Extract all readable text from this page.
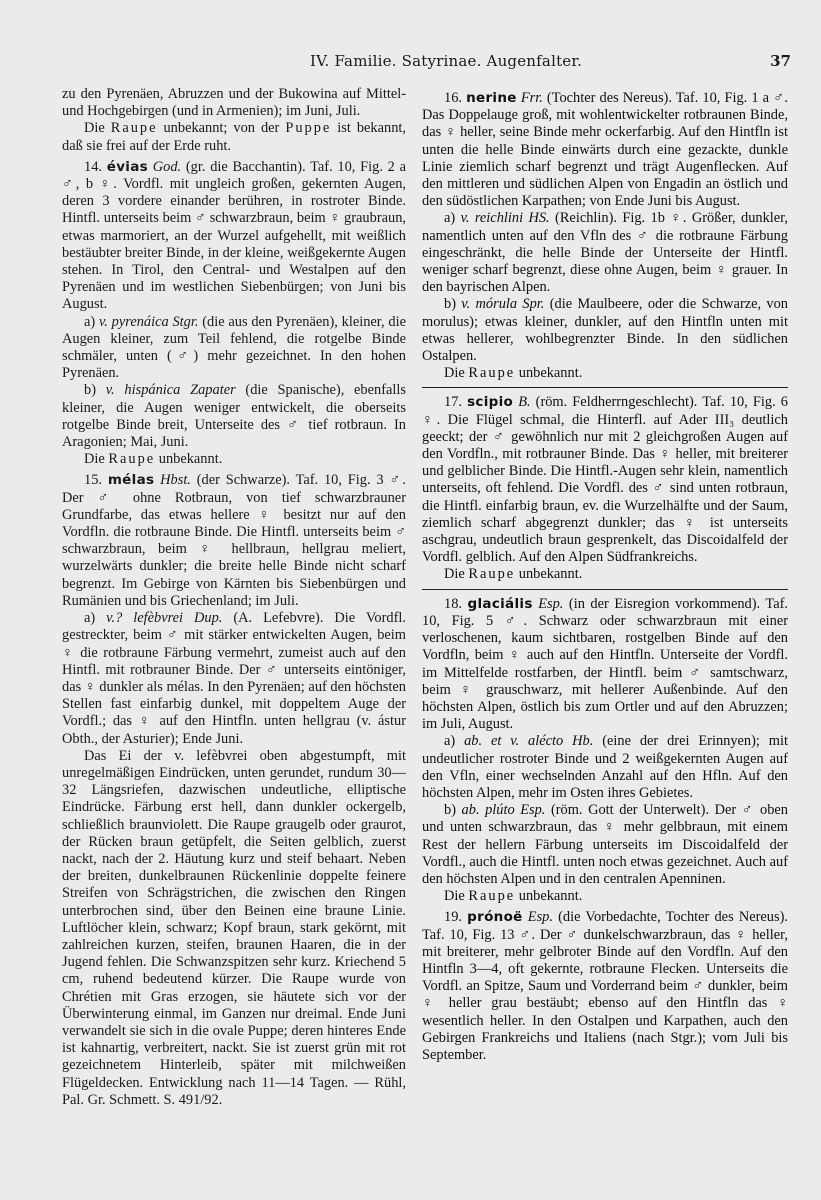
IV. Familie. Satyrinae. Augenfalter.	37

zu den Pyrenäen, Abruzzen und der Bukowina auf Mittel- und Hochgebirgen (und in Armenien); im Juni, Juli.

Die Raupe unbekannt; von der Puppe ist bekannt, daß sie frei auf der Erde ruht.

14. évias God. (gr. die Bacchantin). Taf. 10, Fig. 2 a ♂, b ♀. Vordfl. mit ungleich großen, gekernten Augen, deren 3 vordere einander berühren, in rostroter Binde. Hintfl. unterseits beim ♂ schwarzbraun, beim ♀ graubraun, etwas marmoriert, an der Wurzel aufgehellt, mit weißlich bestäubter breiter Binde, in der kleine, weißgekernte Augen stehen. In Tirol, den Central- und Westalpen auf den Pyrenäen und im westlichen Siebenbürgen; von Juni bis August.

a) v. pyrenáica Stgr. (die aus den Pyrenäen), kleiner, die Augen kleiner, zum Teil fehlend, die rotgelbe Binde schmäler, unten (♂) mehr gezeichnet. In den hohen Pyrenäen.

b) v. hispánica Zapater (die Spanische), ebenfalls kleiner, die Augen weniger entwickelt, die oberseits rotgelbe Binde breit, Unterseite des ♂ tief rotbraun. In Aragonien; Mai, Juni.

Die Raupe unbekannt.

15. mélas Hbst. (der Schwarze). Taf. 10, Fig. 3 ♂. Der ♂ ohne Rotbraun, von tief schwarzbrauner Grundfarbe, das etwas hellere ♀ besitzt nur auf den Vordfln. die rotbraune Binde. Die Hintfl. unterseits beim ♂ schwarzbraun, beim ♀ hellbraun, hellgrau meliert, wurzelwärts dunkler; die breite helle Binde nicht scharf begrenzt. Im Gebirge von Kärnten bis Siebenbürgen und Rumänien und bis Griechenland; im Juli.

a) v.? lefèbvrei Dup. (A. Lefebvre). Die Vordfl. gestreckter, beim ♂ mit stärker entwickelten Augen, beim ♀ die rotbraune Färbung vermehrt, zumeist auch auf den Hintfl. mit rotbrauner Binde. Der ♂ unterseits eintöniger, das ♀ dunkler als mélas. In den Pyrenäen; auf den höchsten Stellen fast einfarbig dunkel, mit doppeltem Auge der Vordfl.; das ♀ auf den Hintfln. unten hellgrau (v. ástur Obth., der Asturier); Ende Juni.

Das Ei der v. lefèbvrei oben abgestumpft, mit unregelmäßigen Eindrücken, unten gerundet, rundum 30—32 Längsriefen, dazwischen undeutliche, elliptische Eindrücke. Färbung erst hell, dann dunkler ockergelb, schließlich braunviolett. Die Raupe graugelb oder graurot, der Rücken braun getüpfelt, die Seiten gelblich, zuerst nackt, nach der 2. Häutung kurz und steif behaart. Neben der breiten, dunkelbraunen Rückenlinie doppelte feinere Streifen von Schrägstrichen, die zwischen den Ringen unterbrochen sind, über den Beinen eine braune Linie. Luftlöcher klein, schwarz; Kopf braun, stark gekörnt, mit zahlreichen kurzen, steifen, braunen Haaren, die in der Jugend fehlen. Die Schwanzspitzen sehr kurz. Kriechend 5 cm, ruhend bedeutend kürzer. Die Raupe wurde von Chrétien mit Gras erzogen, sie häutete sich vor der Überwinterung einmal, im Ganzen nur dreimal. Ende Juni verwandelt sie sich in die ovale Puppe; deren hinteres Ende ist kahnartig, verbreitert, nackt. Sie ist zuerst grün mit rot gezeichnetem Hinterleib, später mit milchweißen Flügeldecken. Entwicklung nach 11—14 Tagen. — Rühl, Pal. Gr. Schmett. S. 491/92.

16. nerine Frr. (Tochter des Nereus). Taf. 10, Fig. 1 a ♂. Das Doppelauge groß, mit wohlentwickelter rotbraunen Binde, das ♀ heller, seine Binde mehr ockerfarbig. Auf den Hintfln ist unten die helle Binde einwärts durch eine gezackte, dunkle Linie ziemlich scharf begrenzt und trägt Augenflecken. Auf den mittleren und südlichen Alpen von Engadin an östlich und den südöstlichen Karpathen; von Ende Juni bis August.

a) v. reichlini HS. (Reichlin). Fig. 1b ♀. Größer, dunkler, namentlich unten auf den Vfln des ♂ die rotbraune Färbung eingeschränkt, die helle Binde der Unterseite der Hintfl. weniger scharf begrenzt, diese ohne Augen, beim ♀ grauer. In den bayrischen Alpen.

b) v. mórula Spr. (die Maulbeere, oder die Schwarze, von morulus); etwas kleiner, dunkler, auf den Hintfln unten mit etwas hellerer, wohlbegrenzter Binde. In den südlichen Ostalpen.

Die Raupe unbekannt.

17. scipio B. (röm. Feldherrngeschlecht). Taf. 10, Fig. 6 ♀. Die Flügel schmal, die Hinterfl. auf Ader III₃ deutlich geeckt; der ♂ gewöhnlich nur mit 2 gleichgroßen Augen auf den Vordfln., mit rotbrauner Binde. Das ♀ heller, mit breiterer und gelblicher Binde. Die Hintfl.-Augen sehr klein, namentlich unterseits, oft fehlend. Die Vordfl. des ♂ sind unten rotbraun, die Hintfl. einfarbig braun, ev. die Wurzelhälfte und der Saum, ziemlich scharf abgegrenzt dunkler; das ♀ ist unterseits aschgrau, undeutlich braun gesprenkelt, das Discoidalfeld der Vordfl. gelblich. Auf den Alpen Südfrankreichs.

Die Raupe unbekannt.

18. glaciális Esp. (in der Eisregion vorkommend). Taf. 10, Fig. 5 ♂. Schwarz oder schwarzbraun mit einer verloschenen, kaum sichtbaren, rostgelben Binde auf den Vordfln, beim ♀ auch auf den Hintfln. Unterseite der Vordfl. im Mittelfelde rostfarben, der Hintfl. beim ♂ samtschwarz, beim ♀ grauschwarz, mit hellerer Außenbinde. Auf den höchsten Alpen, östlich bis zum Ortler und auf den Abruzzen; im Juli, August.

a) ab. et v. alécto Hb. (eine der drei Erinnyen); mit undeutlicher rostroter Binde und 2 weißgekernten Augen auf den Vfln, einer wechselnden Anzahl auf den Hfln. Auf den höchsten Alpen, mehr im Osten ihres Gebietes.

b) ab. plúto Esp. (röm. Gott der Unterwelt). Der ♂ oben und unten schwarzbraun, das ♀ mehr gelbbraun, mit einem Rest der hellern Färbung unterseits im Discoidalfeld der Vordfl., auch die Hintfl. unten noch etwas gezeichnet. Auch auf den höchsten Alpen und in den centralen Apenninen.

Die Raupe unbekannt.

19. prónoë Esp. (die Vorbedachte, Tochter des Nereus). Taf. 10, Fig. 13 ♂. Der ♂ dunkelschwarzbraun, das ♀ heller, mit breiterer, mehr gelbroter Binde auf den Vordfln. Auf den Hintfln 3—4, oft gekernte, rotbraune Flecken. Unterseits die Vordfl. an Spitze, Saum und Vorderrand beim ♂ dunkler, beim ♀ heller grau bestäubt; ebenso auf den Hintfln das ♀ wesentlich heller. In den Ostalpen und Karpathen, auch den Gebirgen Frankreichs und Italiens (nach Stgr.); vom Juli bis September.
